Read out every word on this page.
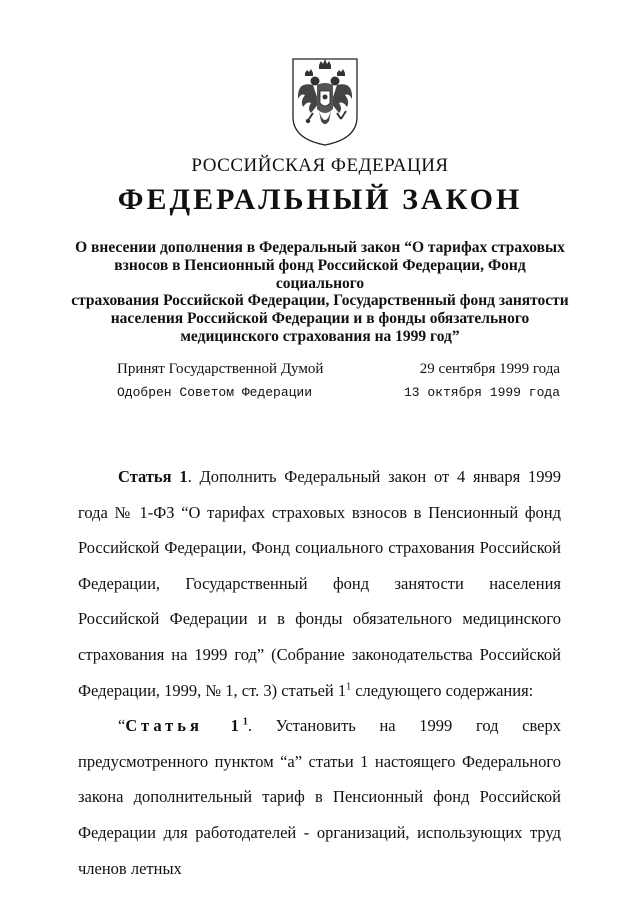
РОССИЙСКАЯ ФЕДЕРАЦИЯ
ФЕДЕРАЛЬНЫЙ ЗАКОН
О внесении дополнения в Федеральный закон “О тарифах страховых
взносов в Пенсионный фонд Российской Федерации, Фонд социального
страхования Российской Федерации, Государственный фонд занятости
населения Российской Федерации и в фонды обязательного
медицинского страхования на 1999 год”
Принят Государственной Думой	29 сентября 1999 года
Одобрен Советом Федерации	13 октября 1999 года

Статья 1. Дополнить Федеральный закон от 4 января 1999 года № 1-ФЗ “О тарифах страховых взносов в Пенсионный фонд Российской Федерации, Фонд социального страхования Российской Федерации, Государственный фонд занятости населения Российской Федерации и в фонды обязательного медицинского страхования на 1999 год” (Собрание законодательства Российской Федерации, 1999, № 1, ст. 3) статьей $1^1$ следующего содержания:

“Статья $1^1$. Установить на 1999 год сверх предусмотренного пунктом “а” статьи 1 настоящего Федерального закона дополнительный тариф в Пенсионный фонд Российской Федерации для работодателей - организаций, использующих труд членов летных
